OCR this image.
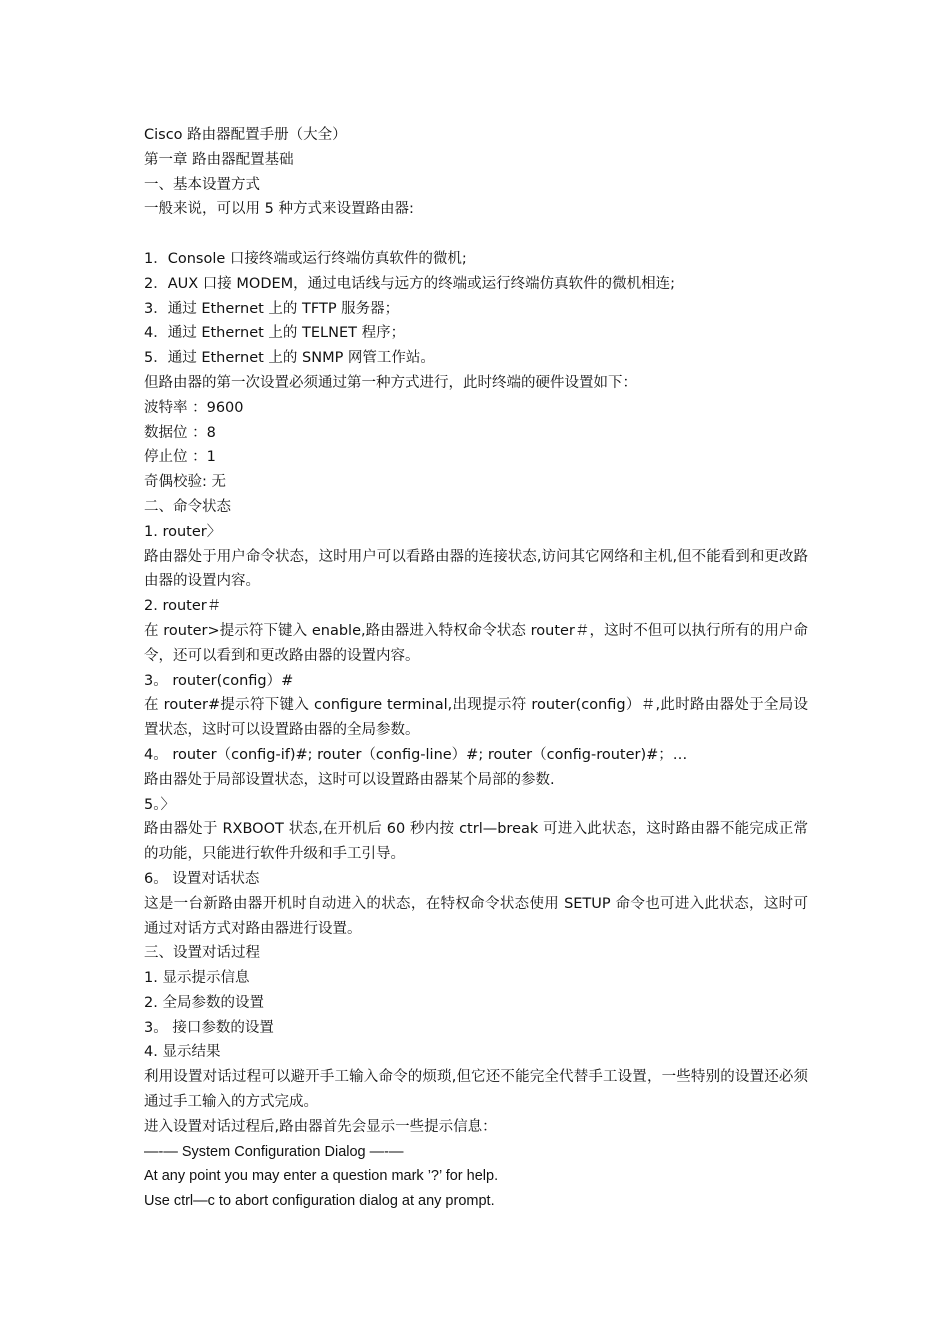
Cisco 路由器配置手册（大全）

第一章 路由器配置基础

一、基本设置方式

一般来说，可以用 5 种方式来设置路由器:

1．Console 口接终端或运行终端仿真软件的微机;

2．AUX 口接 MODEM，通过电话线与远方的终端或运行终端仿真软件的微机相连;

3．通过 Ethernet 上的 TFTP 服务器；

4．通过 Ethernet 上的 TELNET 程序；

5．通过 Ethernet 上的 SNMP 网管工作站。

但路由器的第一次设置必须通过第一种方式进行，此时终端的硬件设置如下：

波特率 ：9600

数据位 ：8

停止位 ：1

奇偶校验: 无

二、命令状态

1. router〉

路由器处于用户命令状态，这时用户可以看路由器的连接状态,访问其它网络和主机,但不能看到和更改路由器的设置内容。

2. router＃

在 router>提示符下键入 enable,路由器进入特权命令状态 router＃，这时不但可以执行所有的用户命令，还可以看到和更改路由器的设置内容。

3。 router(config）#

在 router#提示符下键入 configure terminal,出现提示符 router(config）＃,此时路由器处于全局设置状态，这时可以设置路由器的全局参数。

4。 router（config-if)#; router（config-line）#; router（config-router)#；…

路由器处于局部设置状态，这时可以设置路由器某个局部的参数.

5。〉

路由器处于 RXBOOT 状态,在开机后 60 秒内按 ctrl—break 可进入此状态，这时路由器不能完成正常的功能，只能进行软件升级和手工引导。

6。 设置对话状态

这是一台新路由器开机时自动进入的状态，在特权命令状态使用 SETUP 命令也可进入此状态，这时可通过对话方式对路由器进行设置。

三、设置对话过程

1. 显示提示信息

2. 全局参数的设置

3。 接口参数的设置

4. 显示结果

利用设置对话过程可以避开手工输入命令的烦琐,但它还不能完全代替手工设置，一些特别的设置还必须通过手工输入的方式完成。

进入设置对话过程后,路由器首先会显示一些提示信息：

—-— System Configuration Dialog —-—

At any point you may enter a question mark ’?’ for help.

Use ctrl—c to abort configuration dialog at any prompt.
